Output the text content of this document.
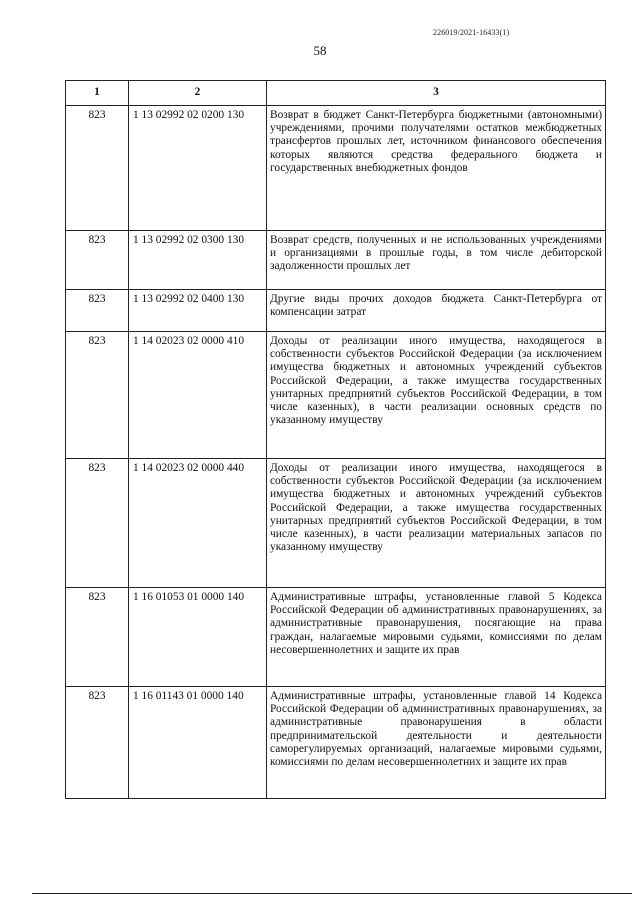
226019/2021-16433(1)
58
1	2	3
823	1 13 02992 02 0200 130	Возврат в бюджет Санкт-Петербурга бюджетными (автономными) учреждениями, прочими получателями остатков межбюджетных трансфертов прошлых лет, источником финансового обеспечения которых являются средства федерального бюджета и государственных внебюджетных фондов
823	1 13 02992 02 0300 130	Возврат средств, полученных и не использованных учреждениями и организациями в прошлые годы, в том числе дебиторской задолженности прошлых лет
823	1 13 02992 02 0400 130	Другие виды прочих доходов бюджета Санкт-Петербурга от компенсации затрат
823	1 14 02023 02 0000 410	Доходы от реализации иного имущества, находящегося в собственности субъектов Российской Федерации (за исключением имущества бюджетных и автономных учреждений субъектов Российской Федерации, а также имущества государственных унитарных предприятий субъектов Российской Федерации, в том числе казенных), в части реализации основных средств по указанному имуществу
823	1 14 02023 02 0000 440	Доходы от реализации иного имущества, находящегося в собственности субъектов Российской Федерации (за исключением имущества бюджетных и автономных учреждений субъектов Российской Федерации, а также имущества государственных унитарных предприятий субъектов Российской Федерации, в том числе казенных), в части реализации материальных запасов по указанному имуществу
823	1 16 01053 01 0000 140	Административные штрафы, установленные главой 5 Кодекса Российской Федерации об административных правонарушениях, за административные правонарушения, посягающие на права граждан, налагаемые мировыми судьями, комиссиями по делам несовершеннолетних и защите их прав
823	1 16 01143 01 0000 140	Административные штрафы, установленные главой 14 Кодекса Российской Федерации об административных правонарушениях, за административные правонарушения в области предпринимательской деятельности и деятельности саморегулируемых организаций, налагаемые мировыми судьями, комиссиями по делам несовершеннолетних и защите их прав
